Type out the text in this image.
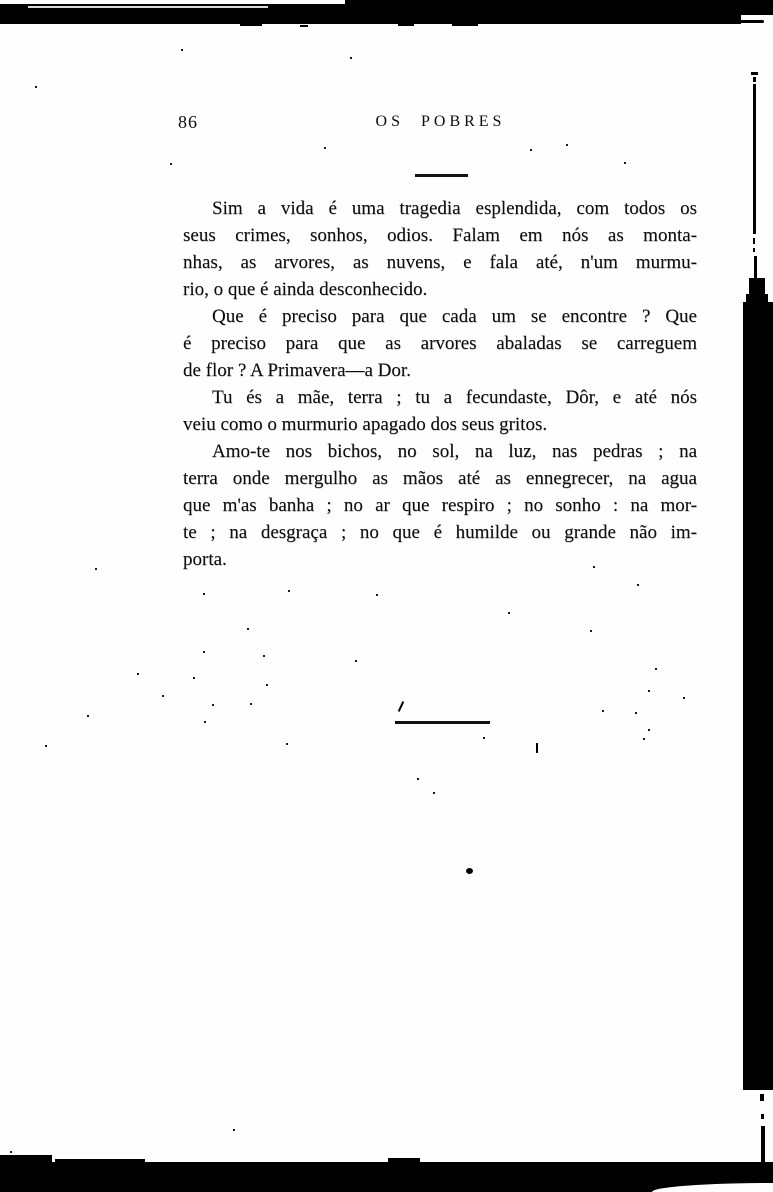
86	OS POBRES
Sim a vida é uma tragedia esplendida, com todos os
seus crimes, sonhos, odios. Falam em nós as monta-
nhas, as arvores, as nuvens, e fala até, n'um murmu-
rio, o que é ainda desconhecido.
Que é preciso para que cada um se encontre ? Que
é preciso para que as arvores abaladas se carreguem
de flor ? A Primavera—a Dor.
Tu és a mãe, terra ; tu a fecundaste, Dôr, e até nós
veiu como o murmurio apagado dos seus gritos.
Amo-te nos bichos, no sol, na luz, nas pedras ; na
terra onde mergulho as mãos até as ennegrecer, na agua
que m'as banha ; no ar que respiro ; no sonho : na mor-
te ; na desgraça ; no que é humilde ou grande não im-
porta.
